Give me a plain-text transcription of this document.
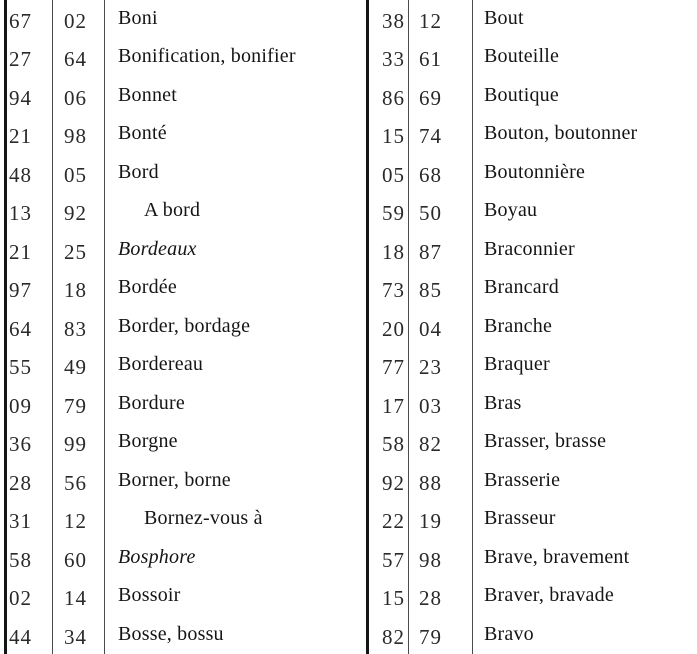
67 02 Boni
27 64 Bonification, bonifier
94 06 Bonnet
21 98 Bonté
48 05 Bord
13 92	A bord
21 25 Bordeaux
97 18 Bordée
64 83 Border, bordage
55 49 Bordereau
09 79 Bordure
36 99 Borgne
28 56 Borner, borne
31 12	Bornez-vous à
58 60 Bosphore
02 14 Bossoir
44 34 Bosse, bossu
38 12 Bout
33 61 Bouteille
86 69 Boutique
15 74 Bouton, boutonner
05 68 Boutonnière
59 50 Boyau
18 87 Braconnier
73 85 Brancard
20 04 Branche
77 23 Braquer
17 03 Bras
58 82 Brasser, brasse
92 88 Brasserie
22 19 Brasseur
57 98 Brave, bravement
15 28 Braver, bravade
82 79 Bravo
